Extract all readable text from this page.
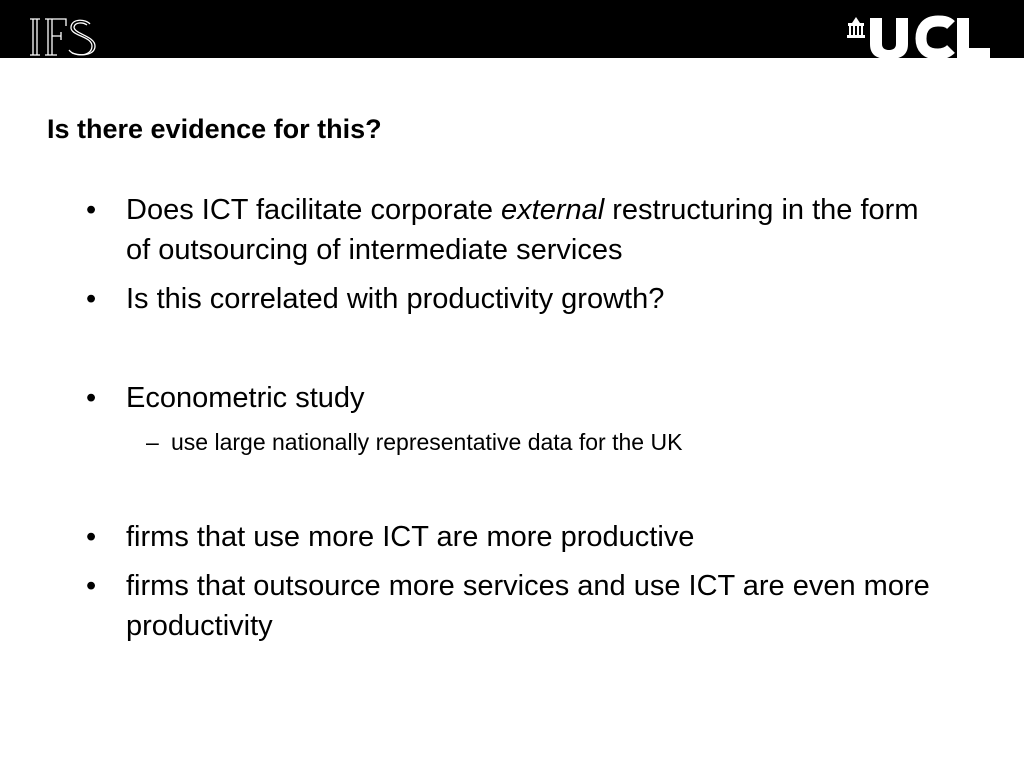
Is there evidence for this?
• Does ICT facilitate corporate external restructuring in the form of outsourcing of intermediate services
• Is this correlated with productivity growth?
• Econometric study
– use large nationally representative data for the UK
• firms that use more ICT are more productive
• firms that outsource more services and use ICT are even more productivity
